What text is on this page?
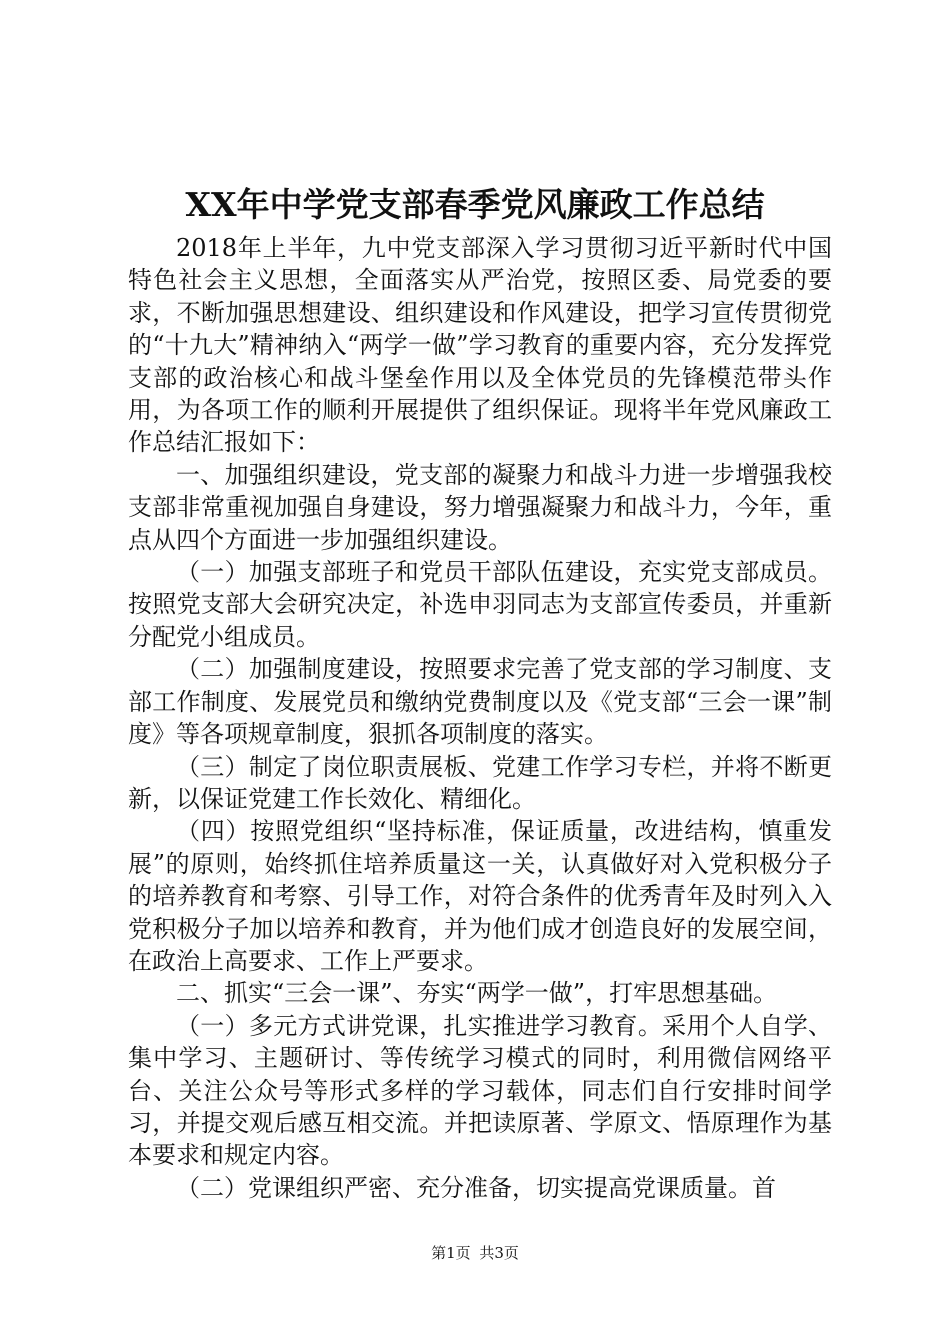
XX年中学党支部春季党风廉政工作总结

2018年上半年，九中党支部深入学习贯彻习近平新时代中国特色社会主义思想，全面落实从严治党，按照区委、局党委的要求，不断加强思想建设、组织建设和作风建设，把学习宣传贯彻党的“十九大”精神纳入“两学一做”学习教育的重要内容，充分发挥党支部的政治核心和战斗堡垒作用以及全体党员的先锋模范带头作用，为各项工作的顺利开展提供了组织保证。现将半年党风廉政工作总结汇报如下：

一、加强组织建设，党支部的凝聚力和战斗力进一步增强我校支部非常重视加强自身建设，努力增强凝聚力和战斗力，今年，重点从四个方面进一步加强组织建设。

（一）加强支部班子和党员干部队伍建设，充实党支部成员。按照党支部大会研究决定，补选申羽同志为支部宣传委员，并重新分配党小组成员。

（二）加强制度建设，按照要求完善了党支部的学习制度、支部工作制度、发展党员和缴纳党费制度以及《党支部“三会一课”制度》等各项规章制度，狠抓各项制度的落实。

（三）制定了岗位职责展板、党建工作学习专栏，并将不断更新，以保证党建工作长效化、精细化。

（四）按照党组织“坚持标准，保证质量，改进结构，慎重发展”的原则，始终抓住培养质量这一关，认真做好对入党积极分子的培养教育和考察、引导工作，对符合条件的优秀青年及时列入入党积极分子加以培养和教育，并为他们成才创造良好的发展空间，在政治上高要求、工作上严要求。

二、抓实“三会一课”、夯实“两学一做”，打牢思想基础。

（一）多元方式讲党课，扎实推进学习教育。采用个人自学、集中学习、主题研讨、等传统学习模式的同时，利用微信网络平台、关注公众号等形式多样的学习载体，同志们自行安排时间学习，并提交观后感互相交流。并把读原著、学原文、悟原理作为基本要求和规定内容。

（二）党课组织严密、充分准备，切实提高党课质量。首

第1页 共3页
